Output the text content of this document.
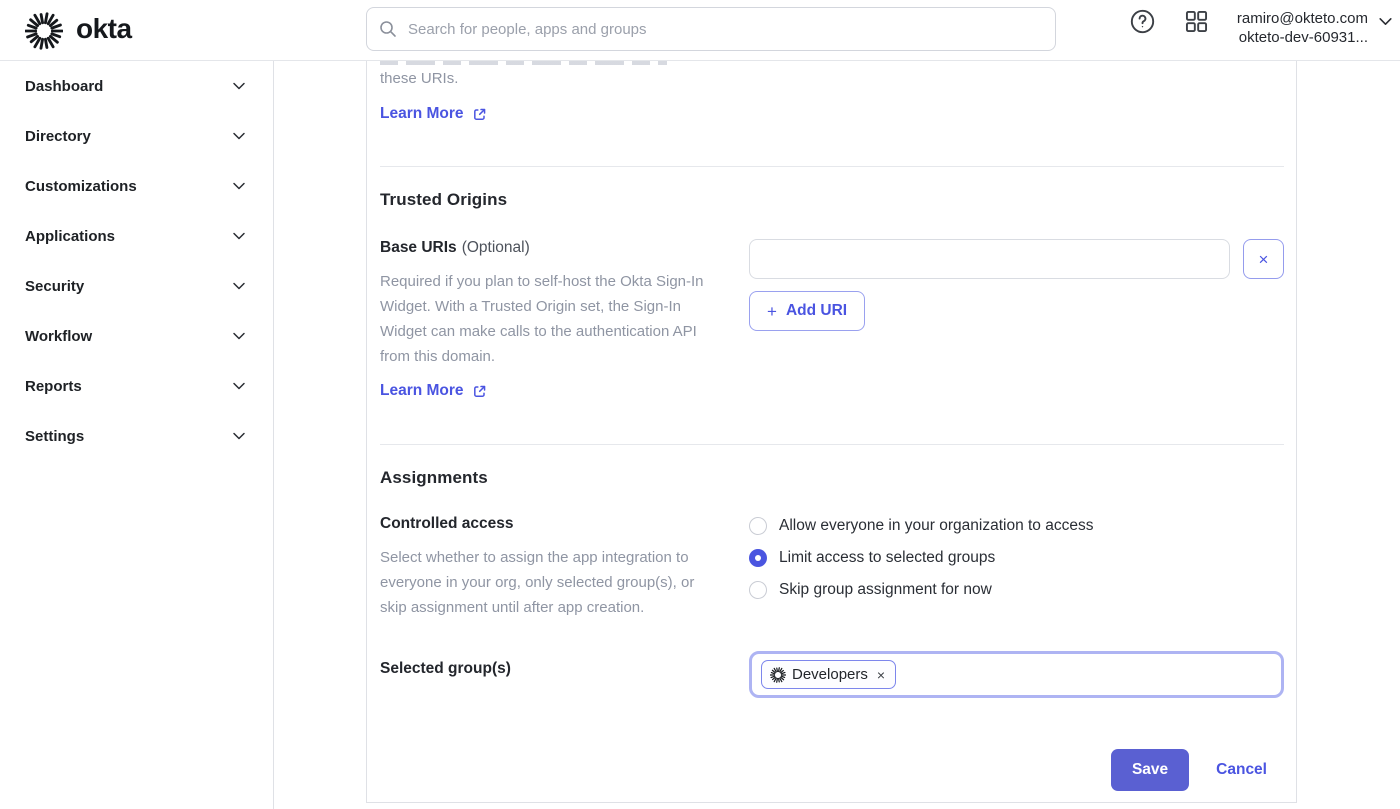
these URIs.
Learn More
Trusted Origins
Base URIs (Optional)
Required if you plan to self-host the Okta Sign-In Widget. With a Trusted Origin set, the Sign-In Widget can make calls to the authentication API from this domain.
Learn More
×
+ Add URI
Assignments
Controlled access
Select whether to assign the app integration to everyone in your org, only selected group(s), or skip assignment until after app creation.
Allow everyone in your organization to access
Limit access to selected groups
Skip group assignment for now
Selected group(s)	Developers ×
Save	Cancel
Dashboard
Directory
Customizations
Applications
Security
Workflow
Reports
Settings
okta
Search for people, apps and groups	ramiro@okteto.com
okteto-dev-60931...
